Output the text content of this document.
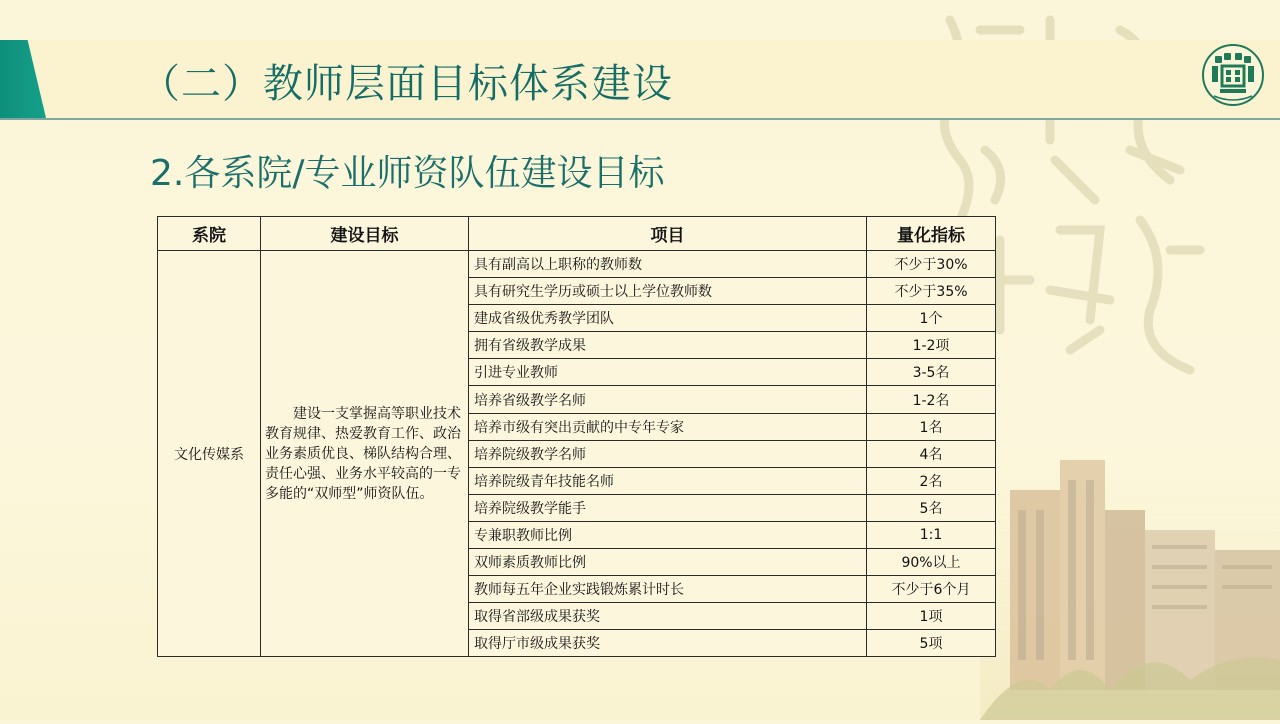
（二）教师层面目标体系建设
2.各系院/专业师资队伍建设目标
系院	建设目标	项目	量化指标
文化传媒系	　　建设一支掌握高等职业技术教育规律、热爱教育工作、政治业务素质优良、梯队结构合理、责任心强、业务水平较高的一专多能的“双师型”师资队伍。	具有副高以上职称的教师数	不少于30%
		具有研究生学历或硕士以上学位教师数	不少于35%
		建成省级优秀教学团队	1个
		拥有省级教学成果	1-2项
		引进专业教师	3-5名
		培养省级教学名师	1-2名
		培养市级有突出贡献的中专年专家	1名
		培养院级教学名师	4名
		培养院级青年技能名师	2名
		培养院级教学能手	5名
		专兼职教师比例	1:1
		双师素质教师比例	90%以上
		教师每五年企业实践锻炼累计时长	不少于6个月
		取得省部级成果获奖	1项
		取得厅市级成果获奖	5项
